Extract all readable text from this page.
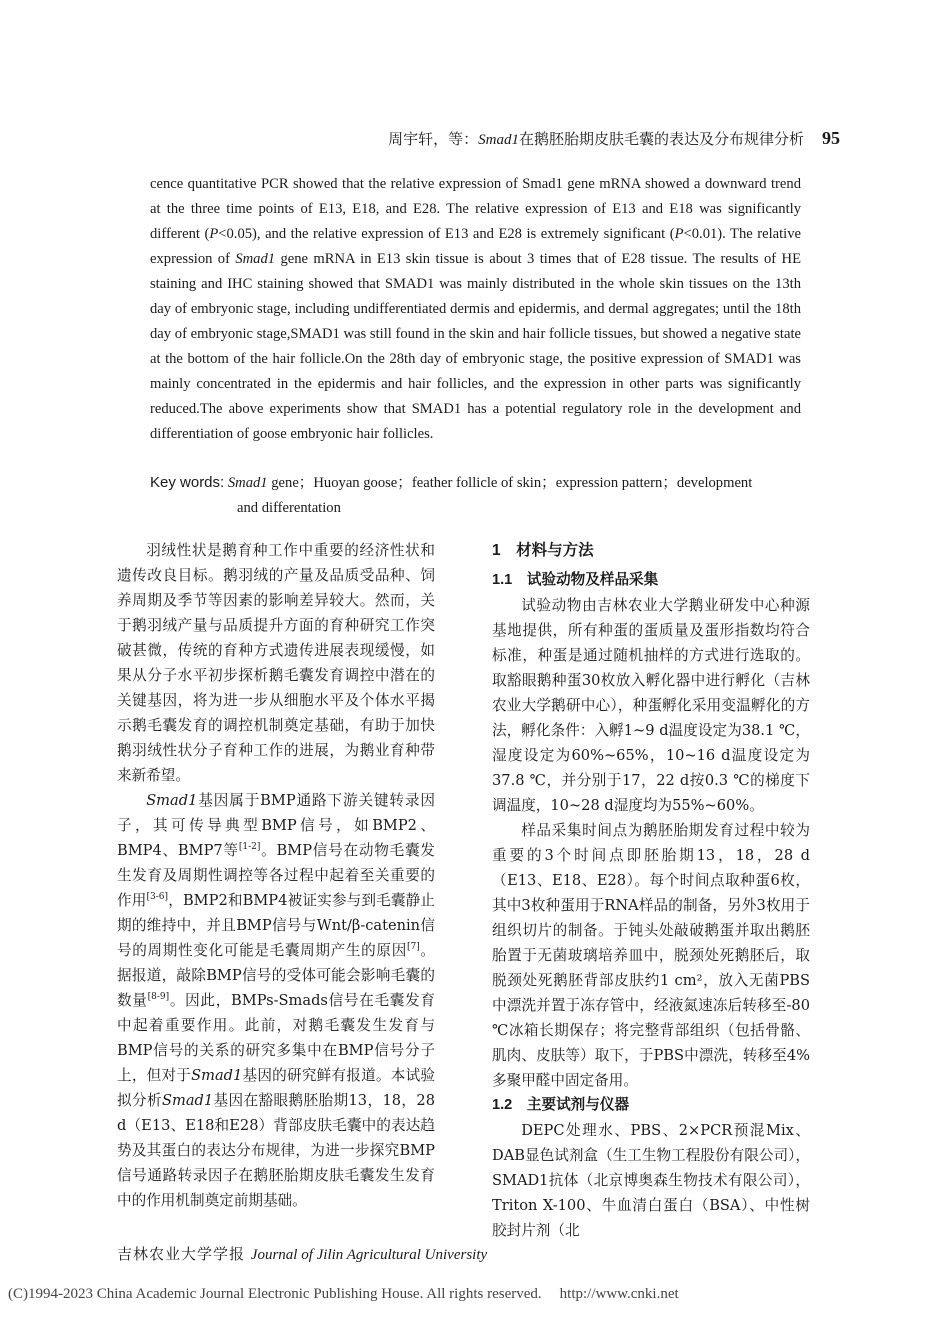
周宇轩，等：Smad1在鹅胚胎期皮肤毛囊的表达及分布规律分析 95

cence quantitative PCR showed that the relative expression of Smad1 gene mRNA showed a downward trend at the three time points of E13, E18, and E28. The relative expression of E13 and E18 was significantly different (P<0.05), and the relative expression of E13 and E28 is extremely significant (P<0.01). The relative expression of Smad1 gene mRNA in E13 skin tissue is about 3 times that of E28 tissue. The results of HE staining and IHC staining showed that SMAD1 was mainly distributed in the whole skin tissues on the 13th day of embryonic stage, including undifferentiated dermis and epidermis, and dermal aggregates; until the 18th day of embryonic stage,SMAD1 was still found in the skin and hair follicle tissues, but showed a negative state at the bottom of the hair follicle.On the 28th day of embryonic stage, the positive expression of SMAD1 was mainly concentrated in the epidermis and hair follicles, and the expression in other parts was significantly reduced.The above experiments show that SMAD1 has a potential regulatory role in the development and differentiation of goose embryonic hair follicles.

Key words: Smad1 gene；Huoyan goose；feather follicle of skin；expression pattern；development
and differentation

羽绒性状是鹅育种工作中重要的经济性状和遗传改良目标。鹅羽绒的产量及品质受品种、饲养周期及季节等因素的影响差异较大。然而，关于鹅羽绒产量与品质提升方面的育种研究工作突破甚微，传统的育种方式遗传进展表现缓慢，如果从分子水平初步探析鹅毛囊发育调控中潜在的关键基因，将为进一步从细胞水平及个体水平揭示鹅毛囊发育的调控机制奠定基础，有助于加快鹅羽绒性状分子育种工作的进展，为鹅业育种带来新希望。

Smad1基因属于BMP通路下游关键转录因子，其可传导典型BMP信号，如BMP2、BMP4、BMP7等[1-2]。BMP信号在动物毛囊发生发育及周期性调控等各过程中起着至关重要的作用[3-6]，BMP2和BMP4被证实参与到毛囊静止期的维持中，并且BMP信号与Wnt/β-catenin信号的周期性变化可能是毛囊周期产生的原因[7]。据报道，敲除BMP信号的受体可能会影响毛囊的数量[8-9]。因此，BMPs-Smads信号在毛囊发育中起着重要作用。此前，对鹅毛囊发生发育与BMP信号的关系的研究多集中在BMP信号分子上，但对于Smad1基因的研究鲜有报道。本试验拟分析Smad1基因在豁眼鹅胚胎期13，18，28 d（E13、E18和E28）背部皮肤毛囊中的表达趋势及其蛋白的表达分布规律，为进一步探究BMP信号通路转录因子在鹅胚胎期皮肤毛囊发生发育中的作用机制奠定前期基础。

1　材料与方法
1.1　试验动物及样品采集

试验动物由吉林农业大学鹅业研发中心种源基地提供，所有种蛋的蛋质量及蛋形指数均符合标准，种蛋是通过随机抽样的方式进行选取的。取豁眼鹅种蛋30枚放入孵化器中进行孵化（吉林农业大学鹅研中心），种蛋孵化采用变温孵化的方法，孵化条件：入孵1~9 d温度设定为38.1 ℃，湿度设定为60%~65%，10~16 d温度设定为37.8 ℃，并分别于17，22 d按0.3 ℃的梯度下调温度，10~28 d湿度均为55%~60%。

样品采集时间点为鹅胚胎期发育过程中较为重要的3个时间点即胚胎期13，18，28 d（E13、E18、E28）。每个时间点取种蛋6枚，其中3枚种蛋用于RNA样品的制备，另外3枚用于组织切片的制备。于钝头处敲破鹅蛋并取出鹅胚胎置于无菌玻璃培养皿中，脱颈处死鹅胚后，取脱颈处死鹅胚背部皮肤约1 cm²，放入无菌PBS中漂洗并置于冻存管中，经液氮速冻后转移至-80 ℃冰箱长期保存；将完整背部组织（包括骨骼、肌肉、皮肤等）取下，于PBS中漂洗，转移至4%多聚甲醛中固定备用。

1.2　主要试剂与仪器

DEPC处理水、PBS、2×PCR预混Mix、DAB显色试剂盒（生工生物工程股份有限公司），SMAD1抗体（北京博奥森生物技术有限公司），Triton X-100、牛血清白蛋白（BSA）、中性树胶封片剂（北

吉林农业大学学报 Journal of Jilin Agricultural University
(C)1994-2023 China Academic Journal Electronic Publishing House. All rights reserved. http://www.cnki.net
